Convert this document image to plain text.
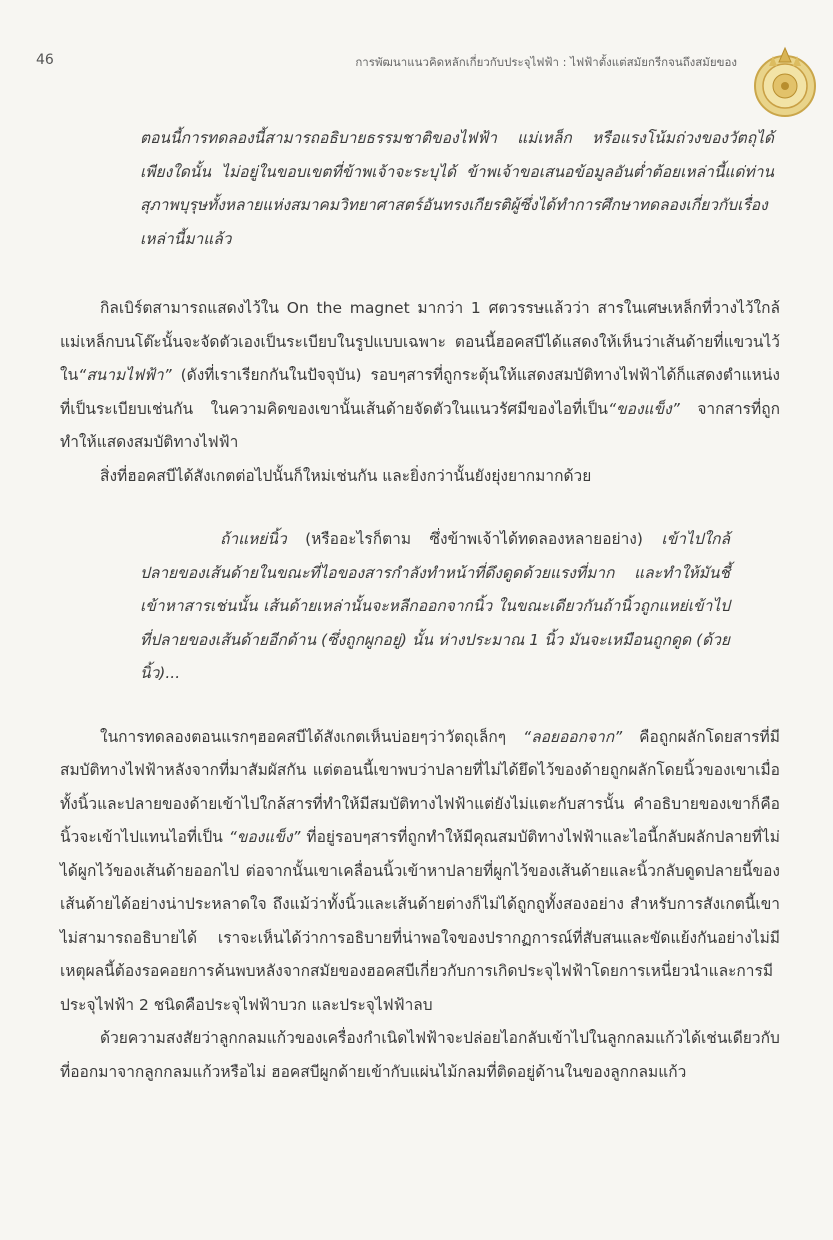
46	การพัฒนาแนวคิดหลักเกี่ยวกับประจุไฟฟ้า : ไฟฟ้าตั้งแต่สมัยกรีกจนถึงสมัยของ

ตอนนี้การทดลองนี้สามารถอธิบายธรรมชาติของไฟฟ้า แม่เหล็ก หรือแรงโน้มถ่วงของวัตถุได้เพียงใดนั้น ไม่อยู่ในขอบเขตที่ข้าพเจ้าจะระบุได้ ข้าพเจ้าขอเสนอข้อมูลอันต่ำต้อยเหล่านี้แด่ท่านสุภาพบุรุษทั้งหลายแห่งสมาคมวิทยาศาสตร์อันทรงเกียรติผู้ซึ่งได้ทำการศึกษาทดลองเกี่ยวกับเรื่องเหล่านี้มาแล้ว

กิลเบิร์ตสามารถแสดงไว้ใน On the magnet มากว่า 1 ศตวรรษแล้วว่า สารในเศษเหล็กที่วางไว้ใกล้แม่เหล็กบนโต๊ะนั้นจะจัดตัวเองเป็นระเบียบในรูปแบบเฉพาะ ตอนนี้ฮอคสบีได้แสดงให้เห็นว่าเส้นด้ายที่แขวนไว้ใน“สนามไฟฟ้า” (ดังที่เราเรียกกันในปัจจุบัน) รอบๆสารที่ถูกระตุ้นให้แสดงสมบัติทางไฟฟ้าได้ก็แสดงตำแหน่งที่เป็นระเบียบเช่นกัน ในความคิดของเขานั้นเส้นด้ายจัดตัวในแนวรัศมีของไอที่เป็น“ของแข็ง” จากสารที่ถูกทำให้แสดงสมบัติทางไฟฟ้า

สิ่งที่ฮอคสบีได้สังเกตต่อไปนั้นก็ใหม่เช่นกัน และยิ่งกว่านั้นยังยุ่งยากมากด้วย

ถ้าแหย่นิ้ว (หรืออะไรก็ตาม ซึ่งข้าพเจ้าได้ทดลองหลายอย่าง) เข้าไปใกล้ปลายของเส้นด้ายในขณะที่ไอของสารกำลังทำหน้าที่ดึงดูดด้วยแรงที่มาก และทำให้มันชี้เข้าหาสารเช่นนั้น เส้นด้ายเหล่านั้นจะหลีกออกจากนิ้ว ในขณะเดียวกันถ้านิ้วถูกแหย่เข้าไปที่ปลายของเส้นด้ายอีกด้าน (ซึ่งถูกผูกอยู่) นั้น ห่างประมาณ 1 นิ้ว มันจะเหมือนถูกดูด (ด้วยนิ้ว)...

ในการทดลองตอนแรกๆฮอคสบีได้สังเกตเห็นบ่อยๆว่าวัตถุเล็กๆ “ลอยออกจาก” คือถูกผลักโดยสารที่มีสมบัติทางไฟฟ้าหลังจากที่มาสัมผัสกัน แต่ตอนนี้เขาพบว่าปลายที่ไม่ได้ยึดไว้ของด้ายถูกผลักโดยนิ้วของเขาเมื่อทั้งนิ้วและปลายของด้ายเข้าไปใกล้สารที่ทำให้มีสมบัติทางไฟฟ้าแต่ยังไม่แตะกับสารนั้น คำอธิบายของเขาก็คือนิ้วจะเข้าไปแทนไอที่เป็น “ของแข็ง” ที่อยู่รอบๆสารที่ถูกทำให้มีคุณสมบัติทางไฟฟ้าและไอนี้กลับผลักปลายที่ไม่ได้ผูกไว้ของเส้นด้ายออกไป ต่อจากนั้นเขาเคลื่อนนิ้วเข้าหาปลายที่ผูกไว้ของเส้นด้ายและนิ้วกลับดูดปลายนี้ของเส้นด้ายได้อย่างน่าประหลาดใจ ถึงแม้ว่าทั้งนิ้วและเส้นด้ายต่างก็ไม่ได้ถูกถูทั้งสองอย่าง สำหรับการสังเกตนี้เขาไม่สามารถอธิบายได้ เราจะเห็นได้ว่าการอธิบายที่น่าพอใจของปรากฏการณ์ที่สับสนและขัดแย้งกันอย่างไม่มีเหตุผลนี้ต้องรอคอยการค้นพบหลังจากสมัยของฮอคสบีเกี่ยวกับการเกิดประจุไฟฟ้าโดยการเหนี่ยวนำและการมีประจุไฟฟ้า 2 ชนิดคือประจุไฟฟ้าบวก และประจุไฟฟ้าลบ

ด้วยความสงสัยว่าลูกกลมแก้วของเครื่องกำเนิดไฟฟ้าจะปล่อยไอกลับเข้าไปในลูกกลมแก้วได้เช่นเดียวกับที่ออกมาจากลูกกลมแก้วหรือไม่ ฮอคสบีผูกด้ายเข้ากับแผ่นไม้กลมที่ติดอยู่ด้านในของลูกกลมแก้ว
